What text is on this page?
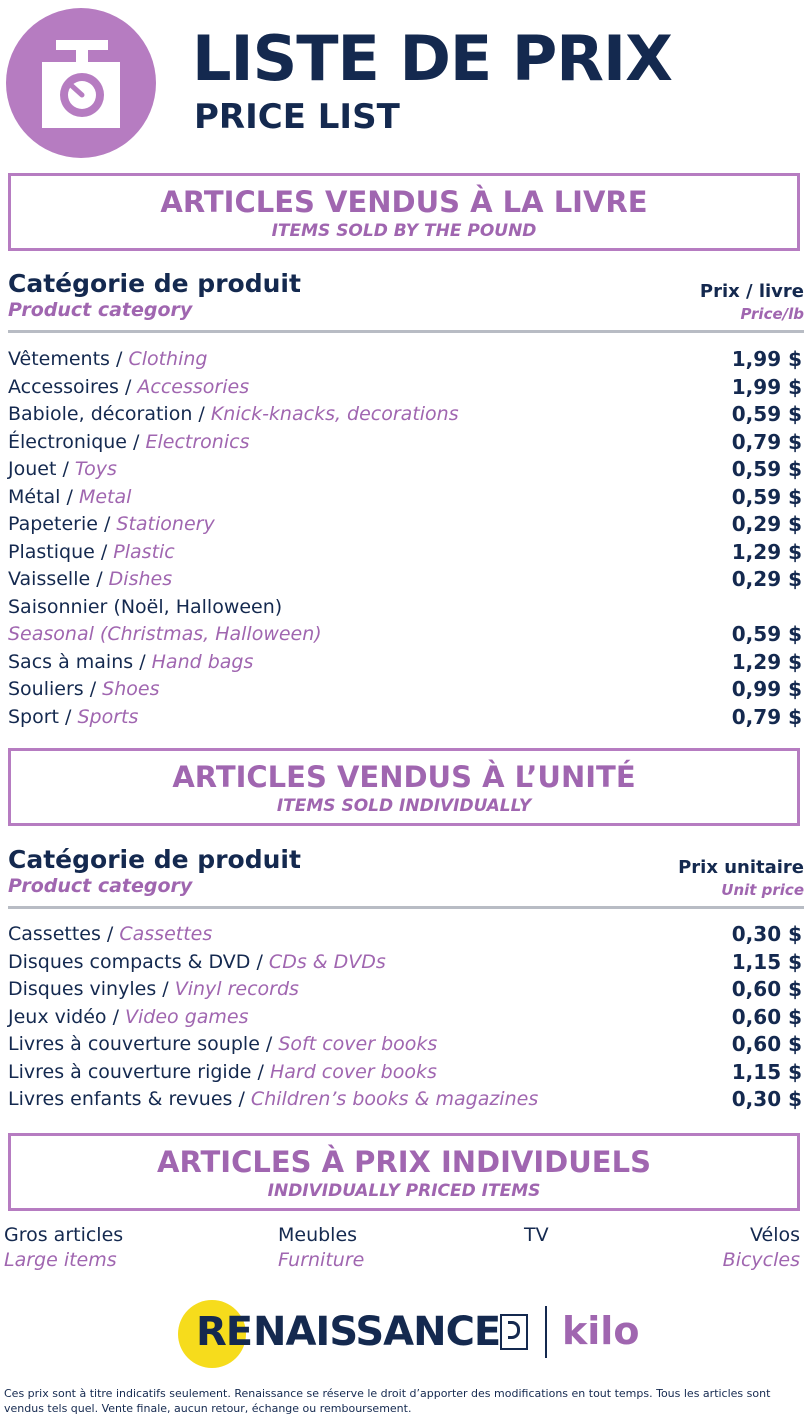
LISTE DE PRIX
PRICE LIST
ARTICLES VENDUS À LA LIVRE
ITEMS SOLD BY THE POUND
Catégorie de produit
Product category
Prix / livre
Price/lb
Vêtements / Clothing	1,99 $
Accessoires / Accessories	1,99 $
Babiole, décoration / Knick-knacks, decorations	0,59 $
Électronique / Electronics	0,79 $
Jouet / Toys	0,59 $
Métal / Metal	0,59 $
Papeterie / Stationery	0,29 $
Plastique / Plastic	1,29 $
Vaisselle / Dishes	0,29 $
Saisonnier (Noël, Halloween)
Seasonal (Christmas, Halloween)	0,59 $
Sacs à mains / Hand bags	1,29 $
Souliers / Shoes	0,99 $
Sport / Sports	0,79 $
ARTICLES VENDUS À L’UNITÉ
ITEMS SOLD INDIVIDUALLY
Catégorie de produit
Product category
Prix unitaire
Unit price
Cassettes / Cassettes	0,30 $
Disques compacts & DVD / CDs & DVDs	1,15 $
Disques vinyles / Vinyl records	0,60 $
Jeux vidéo / Video games	0,60 $
Livres à couverture souple / Soft cover books	0,60 $
Livres à couverture rigide / Hard cover books	1,15 $
Livres enfants & revues / Children’s books & magazines	0,30 $
ARTICLES À PRIX INDIVIDUELS
INDIVIDUALLY PRICED ITEMS
Gros articles
Large items
Meubles
Furniture
TV	Vélos
Bicycles
RE NAISSANCE kilo
Ces prix sont à titre indicatifs seulement. Renaissance se réserve le droit d’apporter des modifications en tout temps. Tous les articles sont vendus tels quel. Vente finale, aucun retour, échange ou remboursement.
